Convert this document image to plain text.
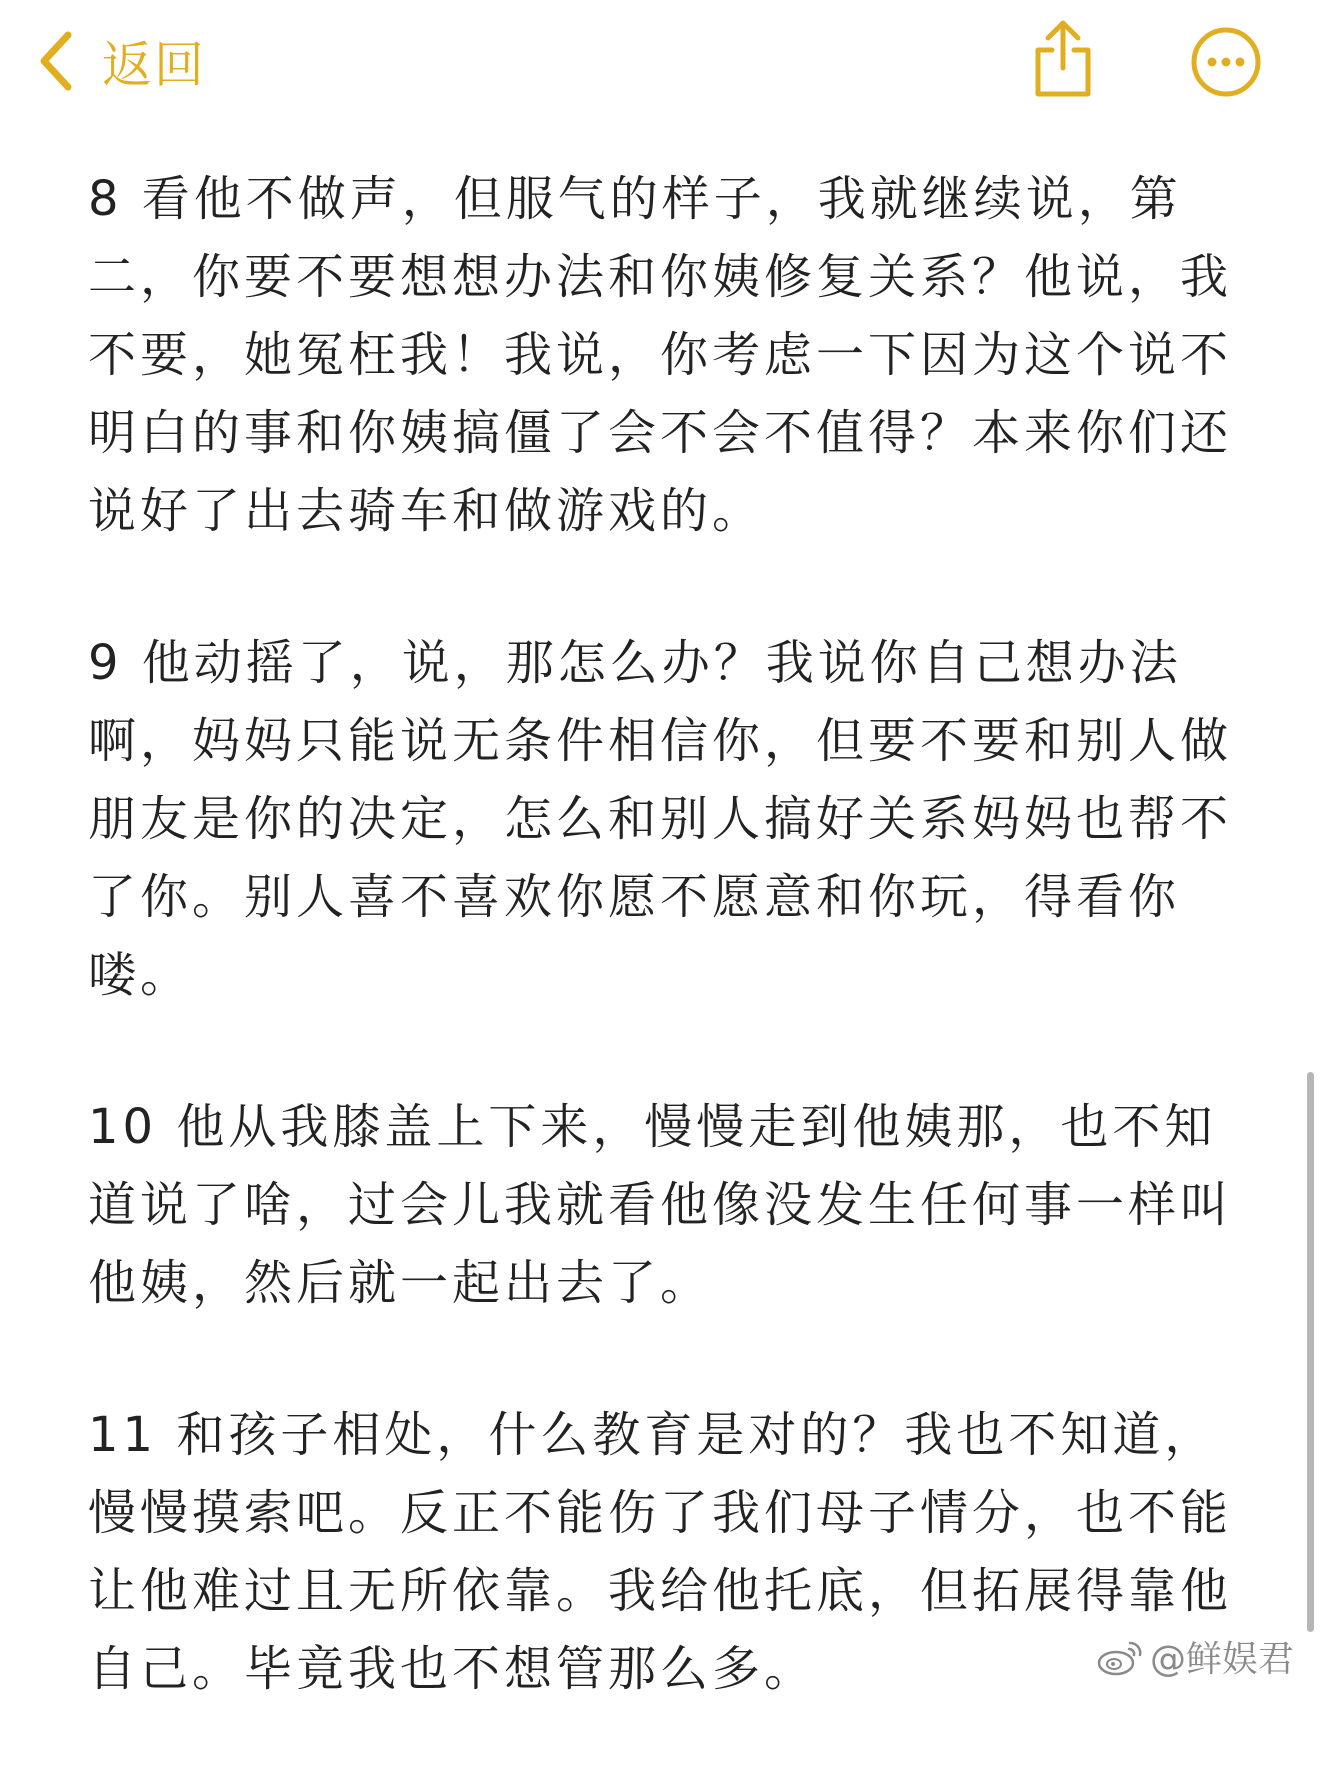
返回

8 看他不做声，但服气的样子，我就继续说，第二，你要不要想想办法和你姨修复关系？他说，我不要，她冤枉我！我说，你考虑一下因为这个说不明白的事和你姨搞僵了会不会不值得？本来你们还说好了出去骑车和做游戏的。

9 他动摇了，说，那怎么办？我说你自己想办法啊，妈妈只能说无条件相信你，但要不要和别人做朋友是你的决定，怎么和别人搞好关系妈妈也帮不了你。别人喜不喜欢你愿不愿意和你玩，得看你喽。

10 他从我膝盖上下来，慢慢走到他姨那，也不知道说了啥，过会儿我就看他像没发生任何事一样叫他姨，然后就一起出去了。

11 和孩子相处，什么教育是对的？我也不知道，慢慢摸索吧。反正不能伤了我们母子情分，也不能让他难过且无所依靠。我给他托底，但拓展得靠他自己。毕竟我也不想管那么多。	@鲜娱君
